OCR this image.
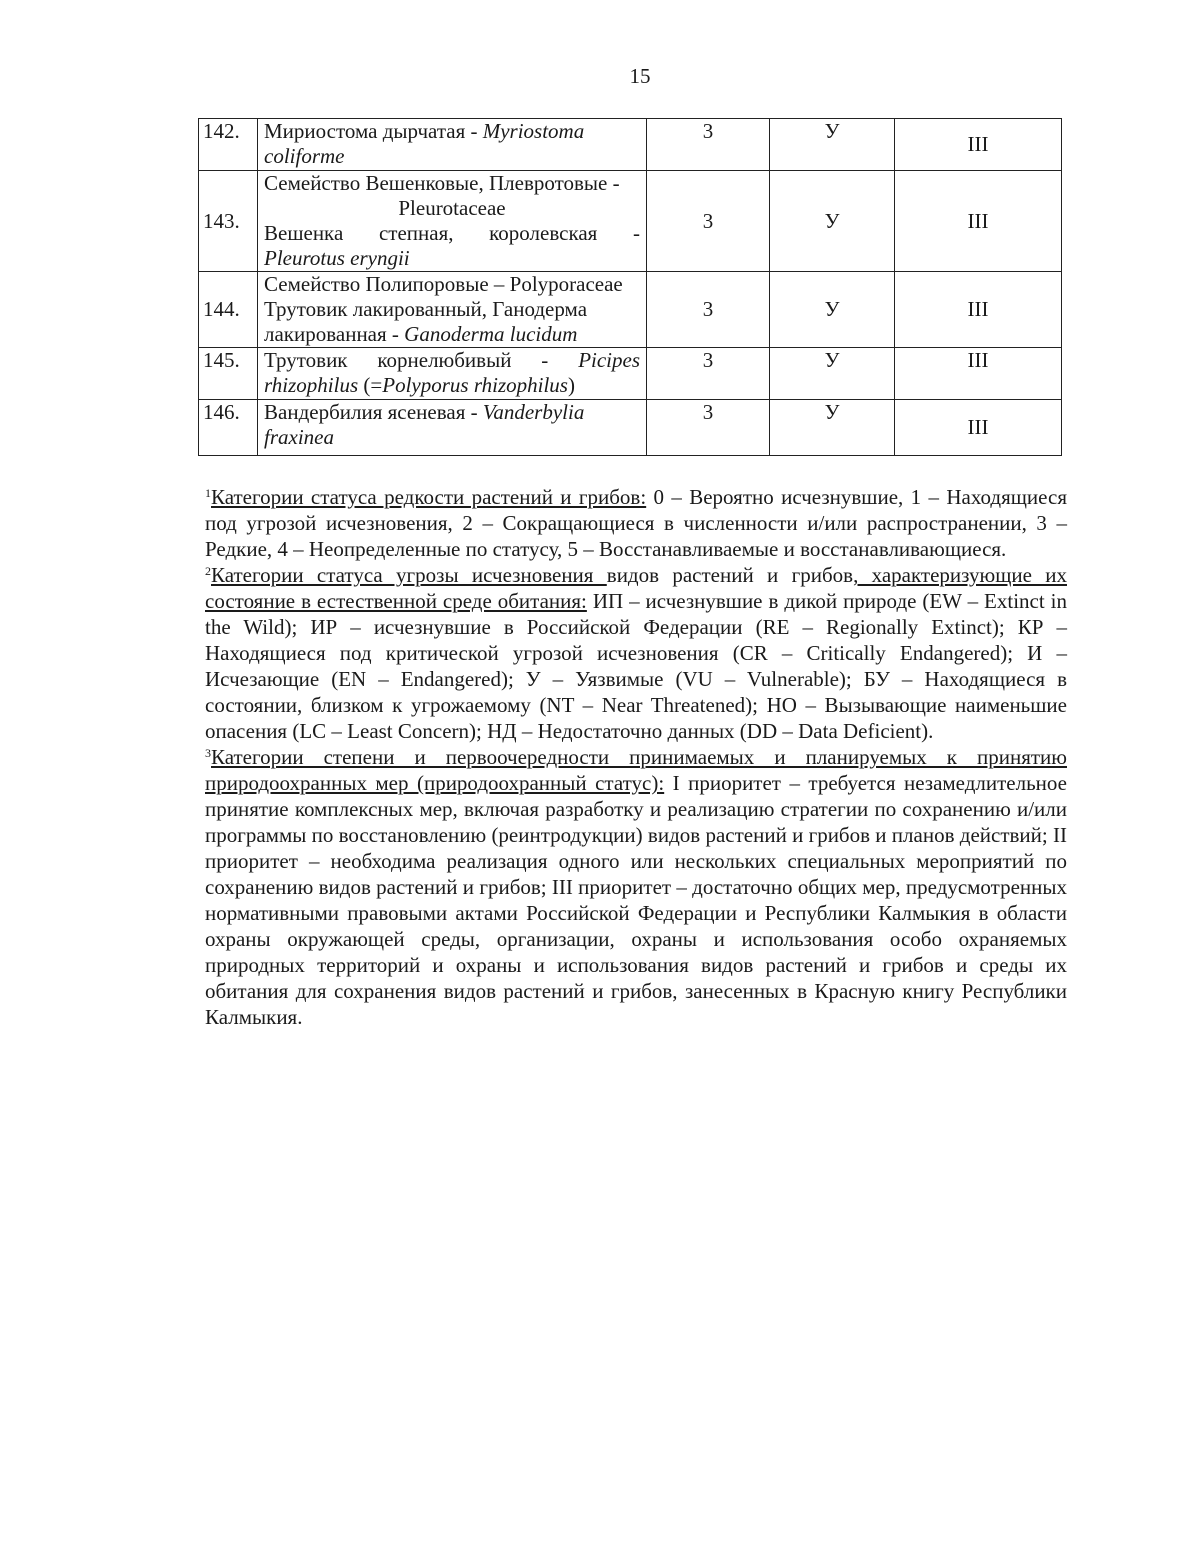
15
142.	Мириостома дырчатая - Myriostoma
coliforme	3	У	III
143.	Семейство Вешенковые, Плевротовые -
Pleurotaceae
Вешенка степная, королевская -
Pleurotus eryngii	3	У	III
144.	Семейство Полипоровые – Polyporaceae
Трутовик лакированный, Ганодерма
лакированная - Ganoderma lucidum	3	У	III
145.	Трутовик корнелюбивый - Picipes
rhizophilus (=Polyporus rhizophilus)	3	У	III
146.	Вандербилия ясеневая - Vanderbylia
fraxinea	3	У	III

$^1$Категории статуса редкости растений и грибов: 0 – Вероятно исчезнувшие, 1 – Находящиеся под угрозой исчезновения, 2 – Сокращающиеся в численности и/или распространении, 3 – Редкие, 4 – Неопределенные по статусу, 5 – Восстанавливаемые и восстанавливающиеся.

$^2$Категории статуса угрозы исчезновения видов растений и грибов, характеризующие их состояние в естественной среде обитания: ИП – исчезнувшие в дикой природе (EW – Extinct in the Wild); ИР – исчезнувшие в Российской Федерации (RE – Regionally Extinct); КР – Находящиеся под критической угрозой исчезновения (CR – Critically Endangered); И – Исчезающие (EN – Endangered); У – Уязвимые (VU – Vulnerable); БУ – Находящиеся в состоянии, близком к угрожаемому (NT – Near Threatened); НО – Вызывающие наименьшие опасения (LC – Least Concern); НД – Недостаточно данных (DD – Data Deficient).

$^3$Категории степени и первоочередности принимаемых и планируемых к принятию природоохранных мер (природоохранный статус): I приоритет – требуется незамедлительное принятие комплексных мер, включая разработку и реализацию стратегии по сохранению и/или программы по восстановлению (реинтродукции) видов растений и грибов и планов действий; II приоритет – необходима реализация одного или нескольких специальных мероприятий по сохранению видов растений и грибов; III приоритет – достаточно общих мер, предусмотренных нормативными правовыми актами Российской Федерации и Республики Калмыкия в области охраны окружающей среды, организации, охраны и использования особо охраняемых природных территорий и охраны и использования видов растений и грибов и среды их обитания для сохранения видов растений и грибов, занесенных в Красную книгу Республики Калмыкия.
